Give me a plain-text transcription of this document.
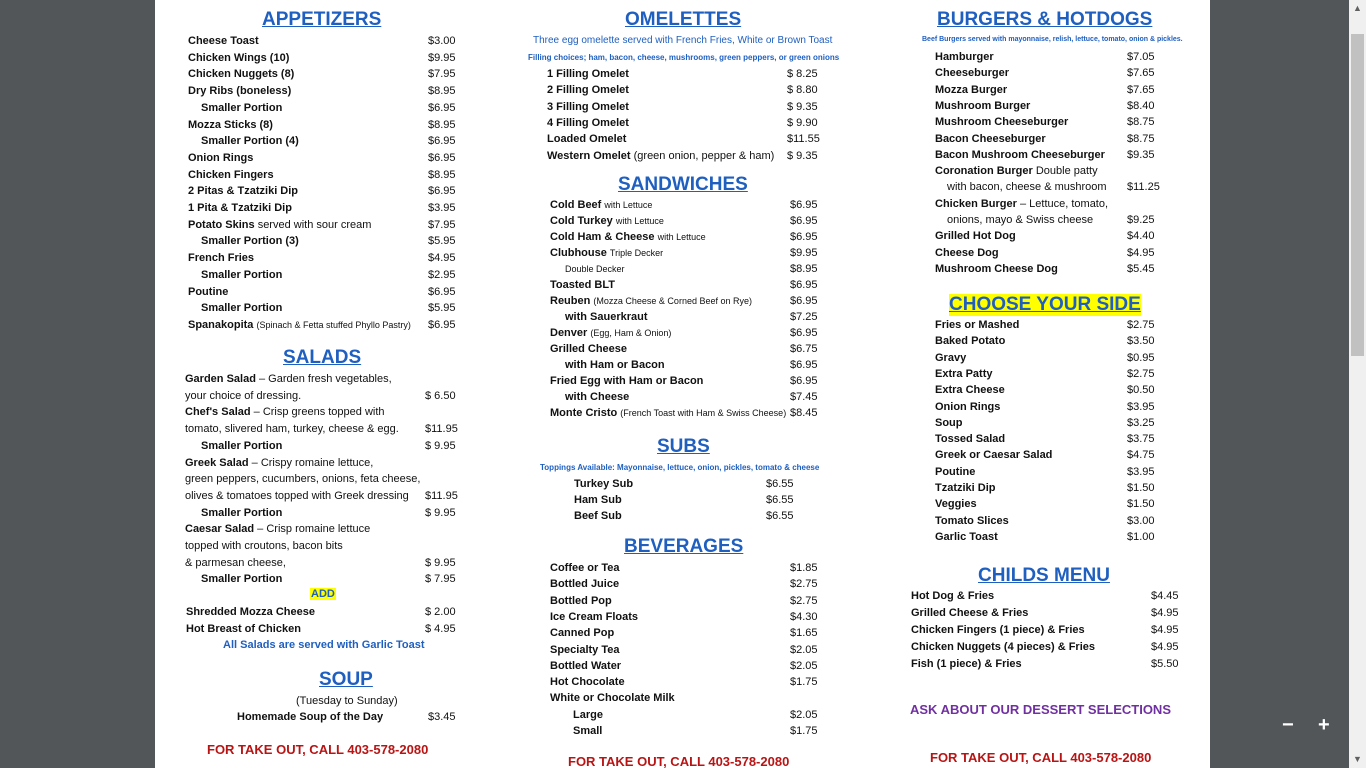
APPETIZERS
Cheese Toast	$3.00
Chicken Wings (10)	$9.95
Chicken Nuggets (8)	$7.95
Dry Ribs (boneless)	$8.95
Smaller Portion	$6.95
Mozza Sticks (8)	$8.95
Smaller Portion (4)	$6.95
Onion Rings	$6.95
Chicken Fingers	$8.95
2 Pitas & Tzatziki Dip	$6.95
1 Pita & Tzatziki Dip	$3.95
Potato Skins served with sour cream	$7.95
Smaller Portion (3)	$5.95
French Fries	$4.95
Smaller Portion	$2.95
Poutine	$6.95
Smaller Portion	$5.95
Spanakopita (Spinach & Fetta stuffed Phyllo Pastry) $6.95
SALADS
Garden Salad – Garden fresh vegetables,
your choice of dressing.	$ 6.50
Chef's Salad – Crisp greens topped with
tomato, slivered ham, turkey, cheese & egg. $11.95
Smaller Portion	$ 9.95
Greek Salad – Crispy romaine lettuce,
green peppers, cucumbers, onions, feta cheese,
olives & tomatoes topped with Greek dressing $11.95
Smaller Portion	$ 9.95
Caesar Salad – Crisp romaine lettuce
topped with croutons, bacon bits
& parmesan cheese,	$ 9.95
Smaller Portion	$ 7.95
ADD
Shredded Mozza Cheese	$ 2.00
Hot Breast of Chicken	$ 4.95
All Salads are served with Garlic Toast
SOUP
(Tuesday to Sunday)
Homemade Soup of the Day	$3.45
FOR TAKE OUT, CALL 403-578-2080
OMELETTES
Three egg omelette served with French Fries, White or Brown Toast
Filling choices; ham, bacon, cheese, mushrooms, green peppers, or green onions
1 Filling Omelet	$ 8.25
2 Filling Omelet	$ 8.80
3 Filling Omelet	$ 9.35
4 Filling Omelet	$ 9.90
Loaded Omelet	$11.55
Western Omelet (green onion, pepper & ham) $ 9.35
SANDWICHES
Cold Beef with Lettuce	$6.95
Cold Turkey with Lettuce	$6.95
Cold Ham & Cheese with Lettuce	$6.95
Clubhouse Triple Decker	$9.95
Double Decker	$8.95
Toasted BLT	$6.95
Reuben (Mozza Cheese & Corned Beef on Rye)	$6.95
with Sauerkraut	$7.25
Denver (Egg, Ham & Onion)	$6.95
Grilled Cheese	$6.75
with Ham or Bacon	$6.95
Fried Egg with Ham or Bacon	$6.95
with Cheese	$7.45
Monte Cristo (French Toast with Ham & Swiss Cheese) $8.45
SUBS
Toppings Available: Mayonnaise, lettuce, onion, pickles, tomato & cheese
Turkey Sub	$6.55
Ham Sub	$6.55
Beef Sub	$6.55
BEVERAGES
Coffee or Tea	$1.85
Bottled Juice	$2.75
Bottled Pop	$2.75
Ice Cream Floats	$4.30
Canned Pop	$1.65
Specialty Tea	$2.05
Bottled Water	$2.05
Hot Chocolate	$1.75
White or Chocolate Milk
Large	$2.05
Small	$1.75
FOR TAKE OUT, CALL 403-578-2080
BURGERS & HOTDOGS
Beef Burgers served with mayonnaise, relish, lettuce, tomato, onion & pickles.
Hamburger	$7.05
Cheeseburger	$7.65
Mozza Burger	$7.65
Mushroom Burger	$8.40
Mushroom Cheeseburger	$8.75
Bacon Cheeseburger	$8.75
Bacon Mushroom Cheeseburger $9.35
Coronation Burger Double patty
with bacon, cheese & mushroom $11.25
Chicken Burger – Lettuce, tomato,
onions, mayo & Swiss cheese	$9.25
Grilled Hot Dog	$4.40
Cheese Dog	$4.95
Mushroom Cheese Dog	$5.45
CHOOSE YOUR SIDE
Fries or Mashed	$2.75
Baked Potato	$3.50
Gravy	$0.95
Extra Patty	$2.75
Extra Cheese	$0.50
Onion Rings	$3.95
Soup	$3.25
Tossed Salad	$3.75
Greek or Caesar Salad	$4.75
Poutine	$3.95
Tzatziki Dip	$1.50
Veggies	$1.50
Tomato Slices	$3.00
Garlic Toast	$1.00
CHILDS MENU
Hot Dog & Fries	$4.45
Grilled Cheese & Fries	$4.95
Chicken Fingers (1 piece) & Fries	$4.95
Chicken Nuggets (4 pieces) & Fries	$4.95
Fish (1 piece) & Fries	$5.50
ASK ABOUT OUR DESSERT SELECTIONS
FOR TAKE OUT, CALL 403-578-2080
− +
▲
▼
